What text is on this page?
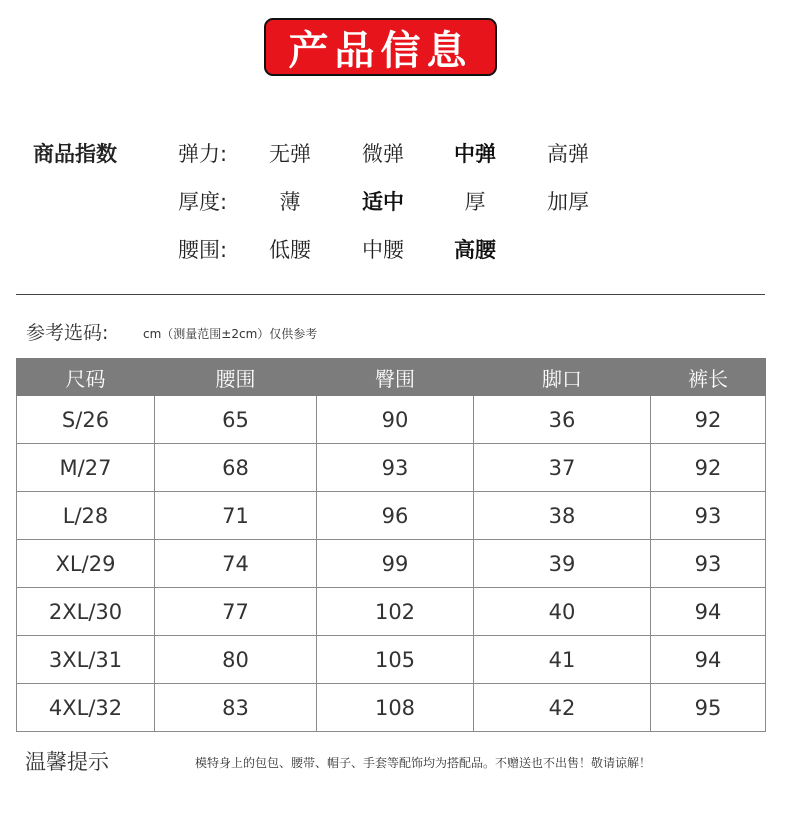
产品信息
商品指数	弹力:	无弹	微弹	中弹	高弹
厚度:	薄	适中	厚	加厚
腰围:	低腰	中腰	高腰
参考选码:	cm（测量范围±2cm）仅供参考
尺码	腰围	臀围	脚口	裤长
S/26	65	90	36	92
M/27	68	93	37	92
L/28	71	96	38	93
XL/29	74	99	39	93
2XL/30	77	102	40	94
3XL/31	80	105	41	94
4XL/32	83	108	42	95
温馨提示	模特身上的包包、腰带、帽子、手套等配饰均为搭配品。不赠送也不出售！敬请谅解！
